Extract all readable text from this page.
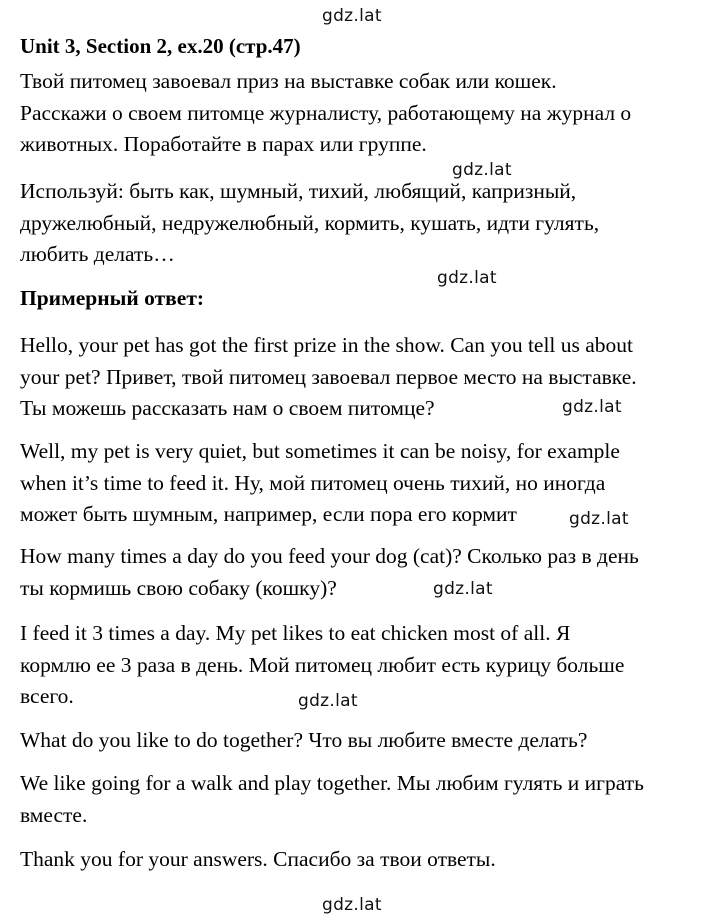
gdz.lat
Unit 3, Section 2, ex.20 (стр.47)
Твой питомец завоевал приз на выставке собак или кошек.
Расскажи о своем питомце журналисту, работающему на журнал о
животных. Поработайте в парах или группе.
gdz.lat
Используй: быть как, шумный, тихий, любящий, капризный,
дружелюбный, недружелюбный, кормить, кушать, идти гулять,
любить делать…
gdz.lat
Примерный ответ:
Hello, your pet has got the first prize in the show. Can you tell us about
your pet? Привет, твой питомец завоевал первое место на выставке.
Ты можешь рассказать нам о своем питомце?	gdz.lat
Well, my pet is very quiet, but sometimes it can be noisy, for example
when it’s time to feed it. Ну, мой питомец очень тихий, но иногда
может быть шумным, например, если пора его кормит	gdz.lat
How many times a day do you feed your dog (cat)? Сколько раз в день
ты кормишь свою собаку (кошку)?	gdz.lat
I feed it 3 times a day. My pet likes to eat chicken most of all. Я
кормлю ее 3 раза в день. Мой питомец любит есть курицу больше
всего.	gdz.lat
What do you like to do together? Что вы любите вместе делать?
We like going for a walk and play together. Мы любим гулять и играть
вместе.
Thank you for your answers. Спасибо за твои ответы.
gdz.lat
